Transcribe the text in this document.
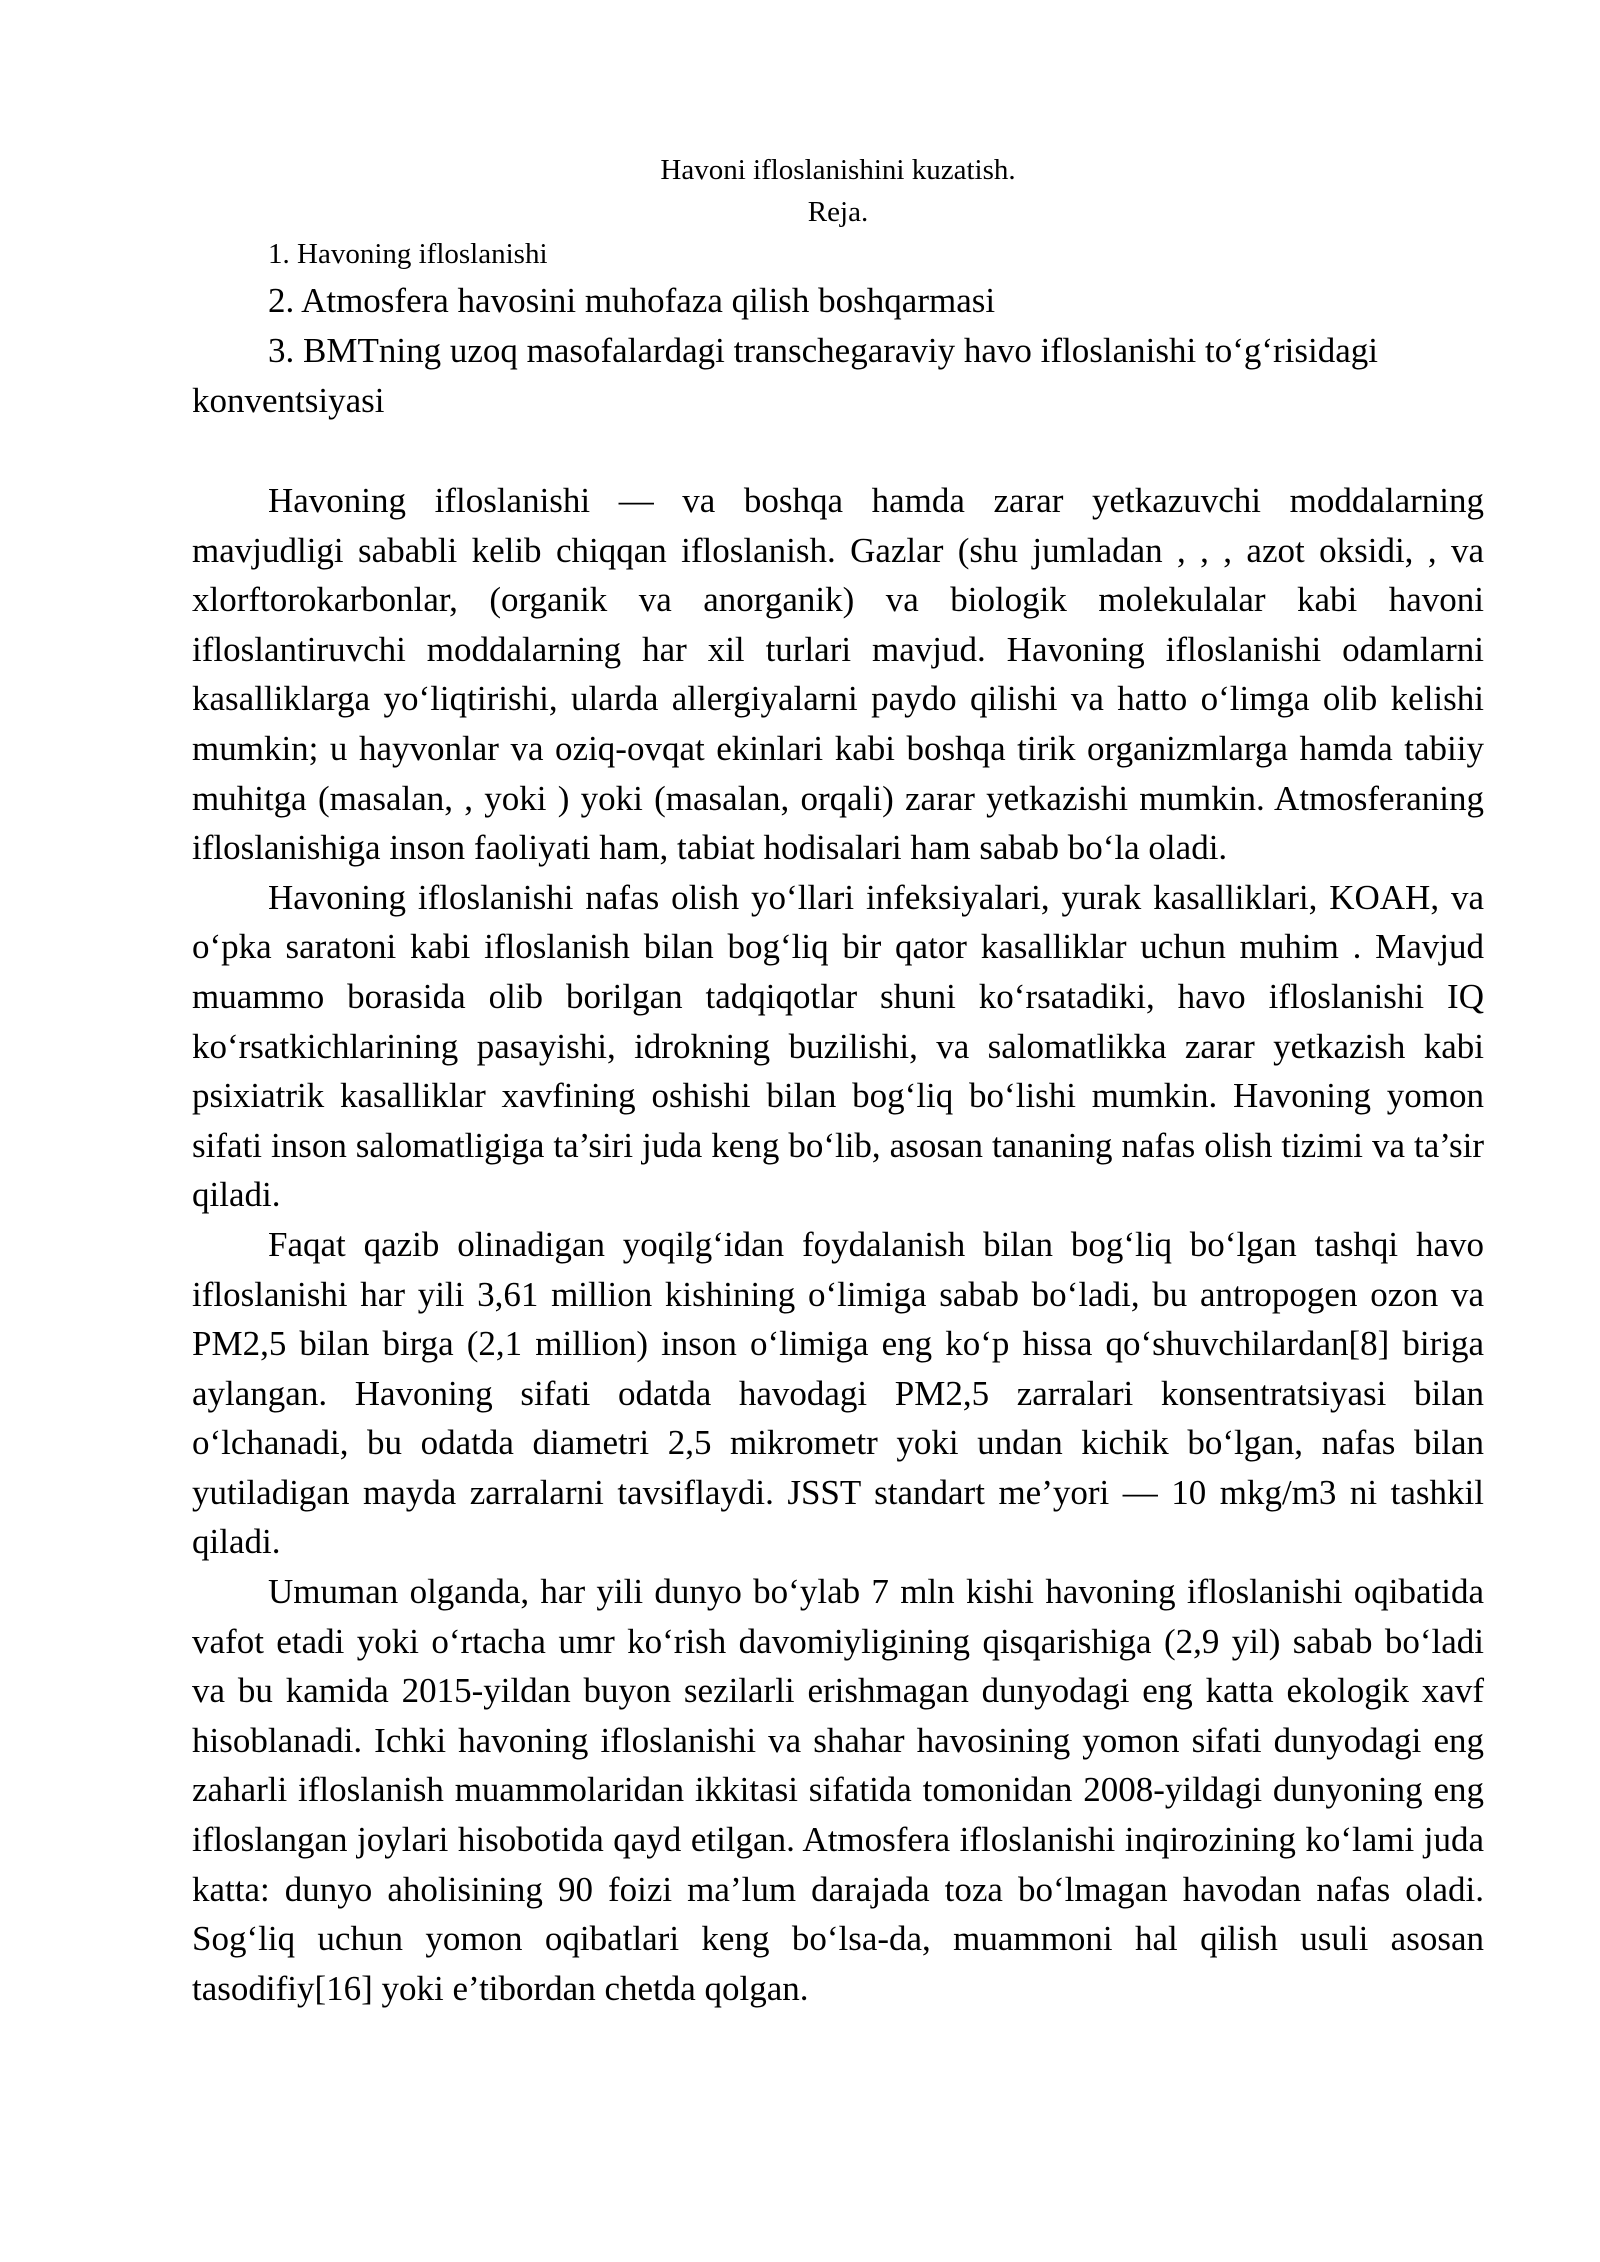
Havoni ifloslanishini kuzatish.

Reja.

1. Havoning ifloslanishi

2. Atmosfera havosini muhofaza qilish boshqarmasi

3. BMTning uzoq masofalardagi transchegaraviy havo ifloslanishi to‘g‘risidagi konventsiyasi

Havoning ifloslanishi — va boshqa hamda zarar yetkazuvchi moddalarning mavjudligi sababli kelib chiqqan ifloslanish. Gazlar (shu jumladan , , , azot oksidi, , va xlorftorokarbonlar, (organik va anorganik) va biologik molekulalar kabi havoni ifloslantiruvchi moddalarning har xil turlari mavjud. Havoning ifloslanishi odamlarni kasalliklarga yo‘liqtirishi, ularda allergiyalarni paydo qilishi va hatto o‘limga olib kelishi mumkin; u hayvonlar va oziq-ovqat ekinlari kabi boshqa tirik organizmlarga hamda tabiiy muhitga (masalan, , yoki ) yoki (masalan, orqali) zarar yetkazishi mumkin. Atmosferaning ifloslanishiga inson faoliyati ham, tabiat hodisalari ham sabab bo‘la oladi.

Havoning ifloslanishi nafas olish yo‘llari infeksiyalari, yurak kasalliklari, KOAH, va o‘pka saratoni kabi ifloslanish bilan bog‘liq bir qator kasalliklar uchun muhim . Mavjud muammo borasida olib borilgan tadqiqotlar shuni ko‘rsatadiki, havo ifloslanishi IQ ko‘rsatkichlarining pasayishi, idrokning buzilishi, va salomatlikka zarar yetkazish kabi psixiatrik kasalliklar xavfining oshishi bilan bog‘liq bo‘lishi mumkin. Havoning yomon sifati inson salomatligiga ta’siri juda keng bo‘lib, asosan tananing nafas olish tizimi va ta’sir qiladi.

Faqat qazib olinadigan yoqilg‘idan foydalanish bilan bog‘liq bo‘lgan tashqi havo ifloslanishi har yili 3,61 million kishining o‘limiga sabab bo‘ladi, bu antropogen ozon va PM2,5 bilan birga (2,1 million) inson o‘limiga eng ko‘p hissa qo‘shuvchilardan[8] biriga aylangan. Havoning sifati odatda havodagi PM2,5 zarralari konsentratsiyasi bilan o‘lchanadi, bu odatda diametri 2,5 mikrometr yoki undan kichik bo‘lgan, nafas bilan yutiladigan mayda zarralarni tavsiflaydi. JSST standart me’yori — 10 mkg/m3 ni tashkil qiladi.

Umuman olganda, har yili dunyo bo‘ylab 7 mln kishi havoning ifloslanishi oqibatida vafot etadi yoki o‘rtacha umr ko‘rish davomiyligining qisqarishiga (2,9 yil) sabab bo‘ladi va bu kamida 2015-yildan buyon sezilarli erishmagan dunyodagi eng katta ekologik xavf hisoblanadi. Ichki havoning ifloslanishi va shahar havosining yomon sifati dunyodagi eng zaharli ifloslanish muammolaridan ikkitasi sifatida tomonidan 2008-yildagi dunyoning eng ifloslangan joylari hisobotida qayd etilgan. Atmosfera ifloslanishi inqirozining ko‘lami juda katta: dunyo aholisining 90 foizi ma’lum darajada toza bo‘lmagan havodan nafas oladi. Sog‘liq uchun yomon oqibatlari keng bo‘lsa-da, muammoni hal qilish usuli asosan tasodifiy[16] yoki e’tibordan chetda qolgan.
